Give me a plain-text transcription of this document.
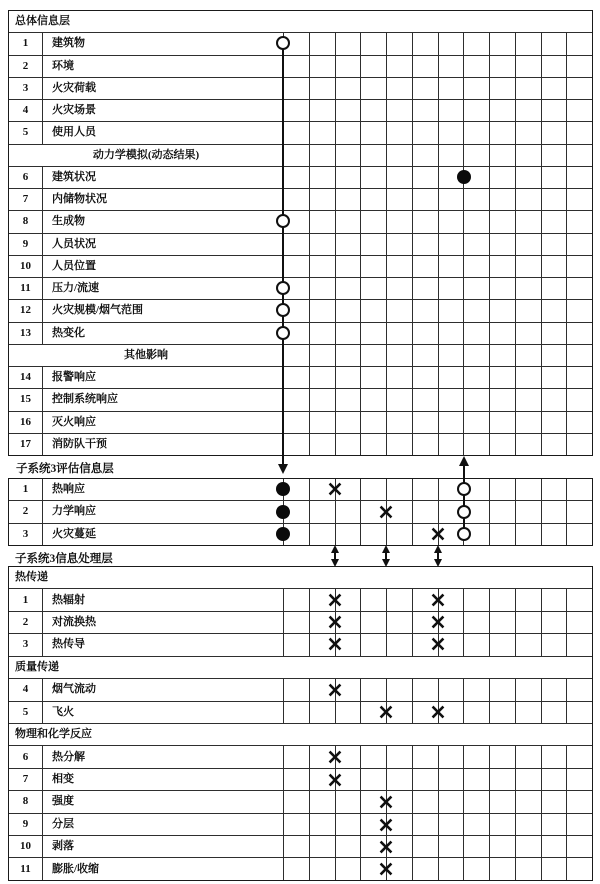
总体信息层
1	建筑物
2	环境
3	火灾荷载
4	火灾场景
5	使用人员
动力学模拟(动态结果)
6	建筑状况
7	内储物状况
8	生成物
9	人员状况
10	人员位置
11	压力/流速
12	火灾规模/烟气范围
13	热变化
其他影响
14	报警响应
15	控制系统响应
16	灭火响应
17	消防队干预
子系统3评估信息层
1	热响应
2	力学响应
3	火灾蔓延
子系统3信息处理层
热传递
1	热辐射
2	对流换热
3	热传导
质量传递
4	烟气流动
5	飞火
物理和化学反应
6	热分解
7	相变
8	强度
9	分层
10	剥落
11	膨胀/收缩
